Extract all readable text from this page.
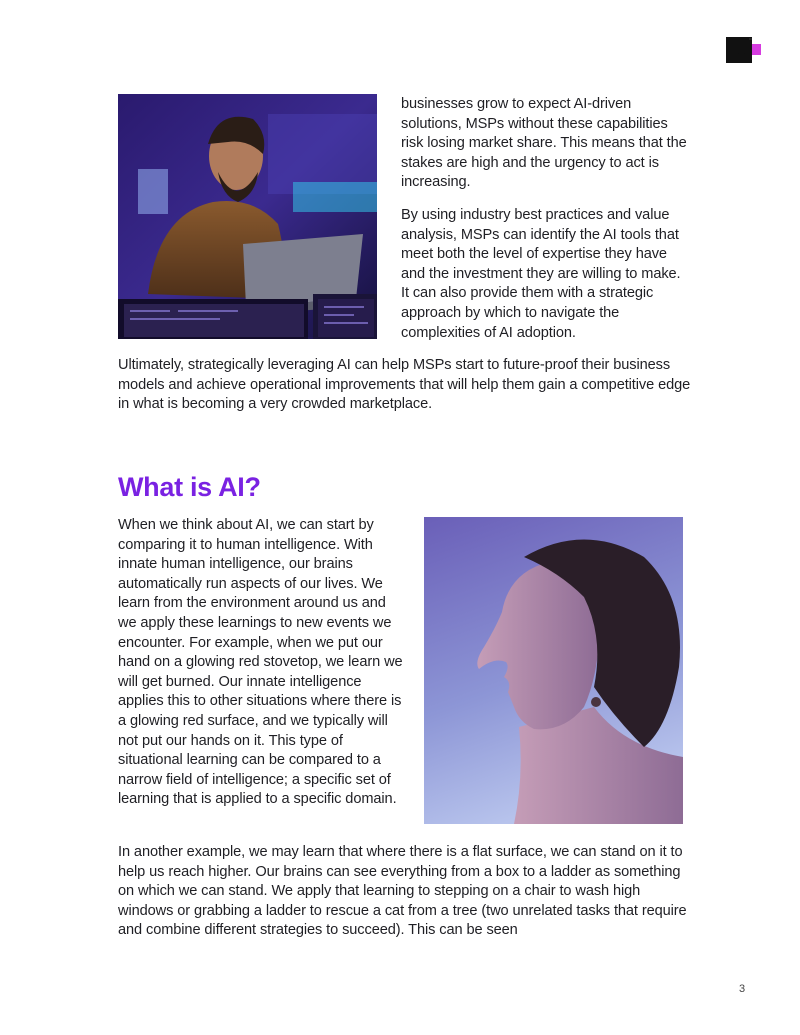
businesses grow to expect AI-driven solutions, MSPs without these capabilities risk losing market share. This means that the stakes are high and the urgency to act is increasing.

By using industry best practices and value analysis, MSPs can identify the AI tools that meet both the level of expertise they have and the investment they are willing to make. It can also provide them with a strategic approach by which to navigate the complexities of AI adoption.

Ultimately, strategically leveraging AI can help MSPs start to future-proof their business models and achieve operational improvements that will help them gain a competitive edge in what is becoming a very crowded marketplace.

What is AI?

When we think about AI, we can start by comparing it to human intelligence. With innate human intelligence, our brains automatically run aspects of our lives. We learn from the environment around us and we apply these learnings to new events we encounter. For example, when we put our hand on a glowing red stovetop, we learn we will get burned. Our innate intelligence applies this to other situations where there is a glowing red surface, and we typically will not put our hands on it. This type of situational learning can be compared to a narrow field of intelligence; a specific set of learning that is applied to a specific domain.

In another example, we may learn that where there is a flat surface, we can stand on it to help us reach higher. Our brains can see everything from a box to a ladder as something on which we can stand. We apply that learning to stepping on a chair to wash high windows or grabbing a ladder to rescue a cat from a tree (two unrelated tasks that require and combine different strategies to succeed). This can be seen

3
